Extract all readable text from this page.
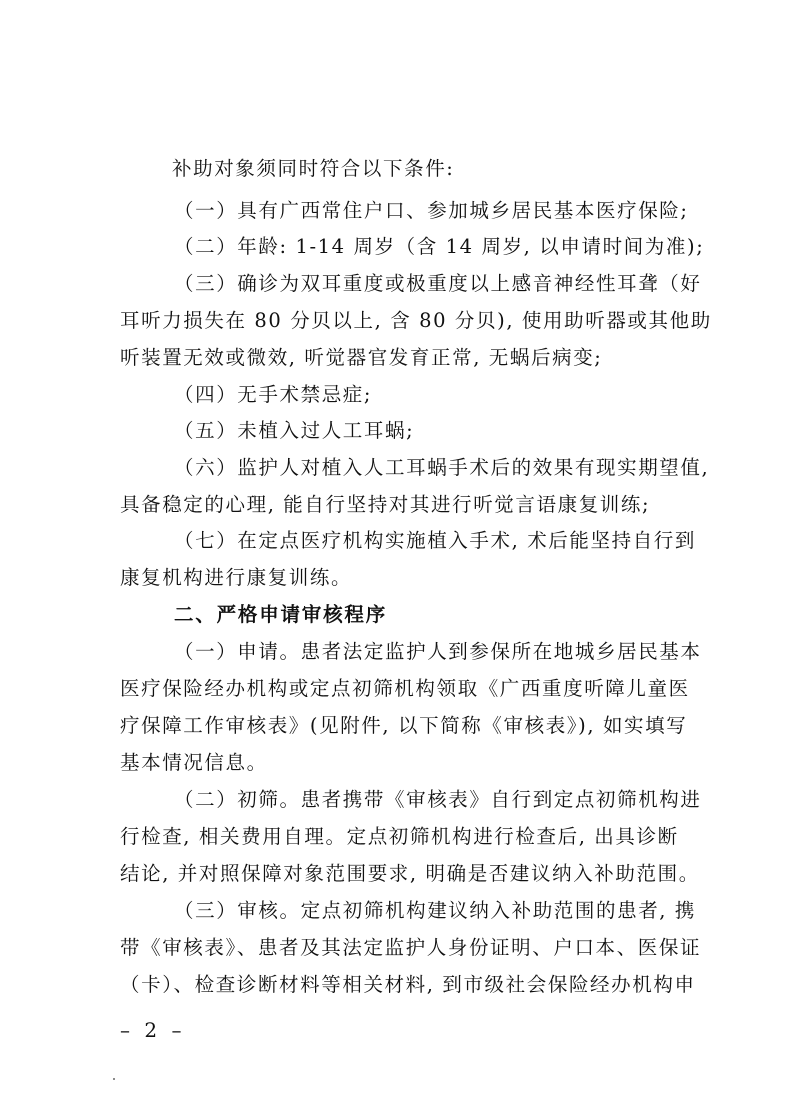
补助对象须同时符合以下条件:

（一）具有广西常住户口、参加城乡居民基本医疗保险;

（二）年龄: 1-14 周岁（含 14 周岁, 以申请时间为准);

（三）确诊为双耳重度或极重度以上感音神经性耳聋（好

耳听力损失在 80 分贝以上, 含 80 分贝), 使用助听器或其他助

听装置无效或微效, 听觉器官发育正常, 无蜗后病变;

（四）无手术禁忌症;

（五）未植入过人工耳蜗;

（六）监护人对植入人工耳蜗手术后的效果有现实期望值,

具备稳定的心理, 能自行坚持对其进行听觉言语康复训练;

（七）在定点医疗机构实施植入手术, 术后能坚持自行到

康复机构进行康复训练。

二、严格申请审核程序

（一）申请。患者法定监护人到参保所在地城乡居民基本

医疗保险经办机构或定点初筛机构领取《广西重度听障儿童医

疗保障工作审核表》(见附件, 以下简称《审核表》), 如实填写

基本情况信息。

（二）初筛。患者携带《审核表》自行到定点初筛机构进

行检查, 相关费用自理。定点初筛机构进行检查后, 出具诊断

结论, 并对照保障对象范围要求, 明确是否建议纳入补助范围。

（三）审核。定点初筛机构建议纳入补助范围的患者, 携

带《审核表》、患者及其法定监护人身份证明、户口本、医保证

（卡）、检查诊断材料等相关材料, 到市级社会保险经办机构申

– 2 –
